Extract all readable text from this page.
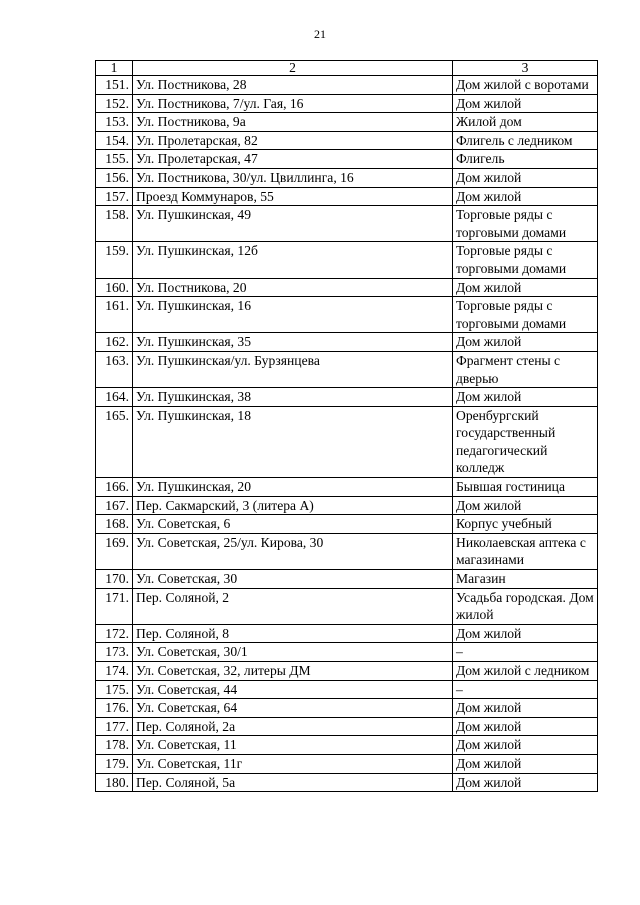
21
1	2	3
151.	Ул. Постникова, 28	Дом жилой с воротами
152.	Ул. Постникова, 7/ул. Гая, 16	Дом жилой
153.	Ул. Постникова, 9а	Жилой дом
154.	Ул. Пролетарская, 82	Флигель с ледником
155.	Ул. Пролетарская, 47	Флигель
156.	Ул. Постникова, 30/ул. Цвиллинга, 16	Дом жилой
157.	Проезд Коммунаров, 55	Дом жилой
158.	Ул. Пушкинская, 49	Торговые ряды с торговыми домами
159.	Ул. Пушкинская, 12б	Торговые ряды с торговыми домами
160.	Ул. Постникова, 20	Дом жилой
161.	Ул. Пушкинская, 16	Торговые ряды с торговыми домами
162.	Ул. Пушкинская, 35	Дом жилой
163.	Ул. Пушкинская/ул. Бурзянцева	Фрагмент стены с дверью
164.	Ул. Пушкинская, 38	Дом жилой
165.	Ул. Пушкинская, 18	Оренбургский государственный педагогический колледж
166.	Ул. Пушкинская, 20	Бывшая гостиница
167.	Пер. Сакмарский, 3 (литера А)	Дом жилой
168.	Ул. Советская, 6	Корпус учебный
169.	Ул. Советская, 25/ул. Кирова, 30	Николаевская аптека с магазинами
170.	Ул. Советская, 30	Магазин
171.	Пер. Соляной, 2	Усадьба городская. Дом жилой
172.	Пер. Соляной, 8	Дом жилой
173.	Ул. Советская, 30/1	–
174.	Ул. Советская, 32, литеры ДМ	Дом жилой с ледником
175.	Ул. Советская, 44	–
176.	Ул. Советская, 64	Дом жилой
177.	Пер. Соляной, 2а	Дом жилой
178.	Ул. Советская, 11	Дом жилой
179.	Ул. Советская, 11г	Дом жилой
180.	Пер. Соляной, 5а	Дом жилой
